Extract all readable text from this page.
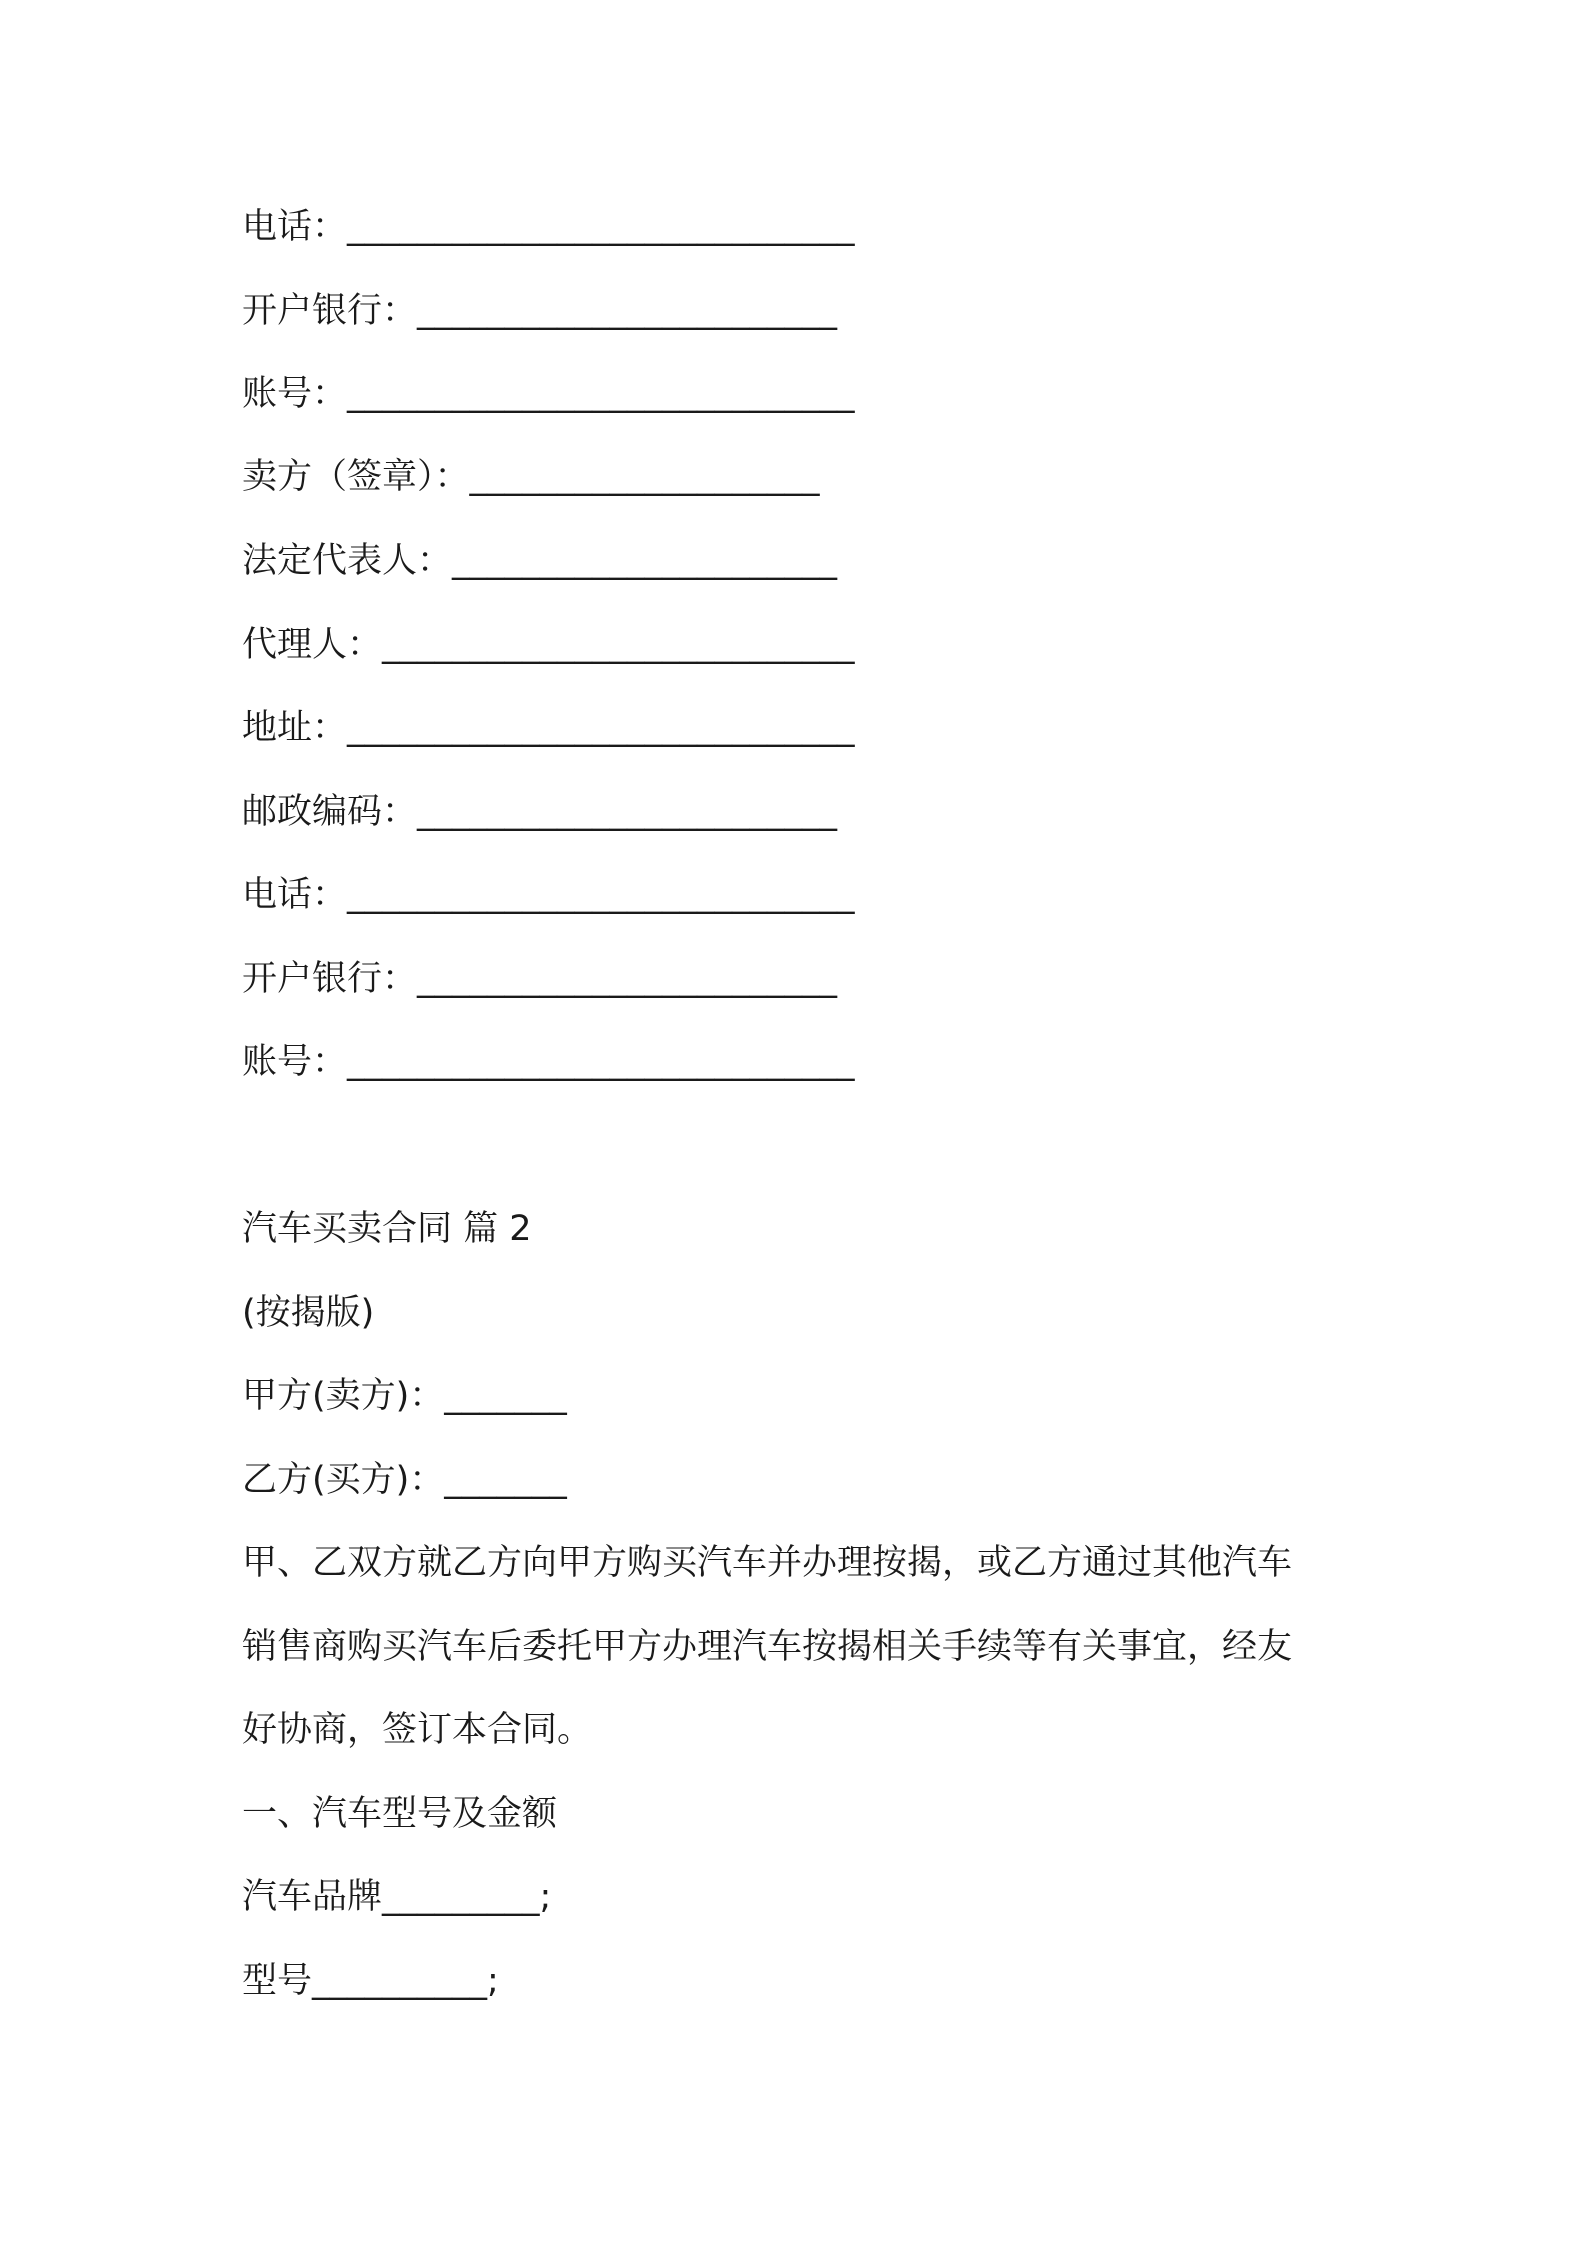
电话：_____________________________
开户银行：________________________
账号：_____________________________
卖方（签章）：____________________
法定代表人：______________________
代理人：___________________________
地址：_____________________________
邮政编码：________________________
电话：_____________________________
开户银行：________________________
账号：_____________________________
汽车买卖合同 篇 2
(按揭版)
甲方(卖方)：_______
乙方(买方)：_______
甲、乙双方就乙方向甲方购买汽车并办理按揭，或乙方通过其他汽车
销售商购买汽车后委托甲方办理汽车按揭相关手续等有关事宜，经友
好协商，签订本合同。
一、汽车型号及金额
汽车品牌_________;
型号__________;
